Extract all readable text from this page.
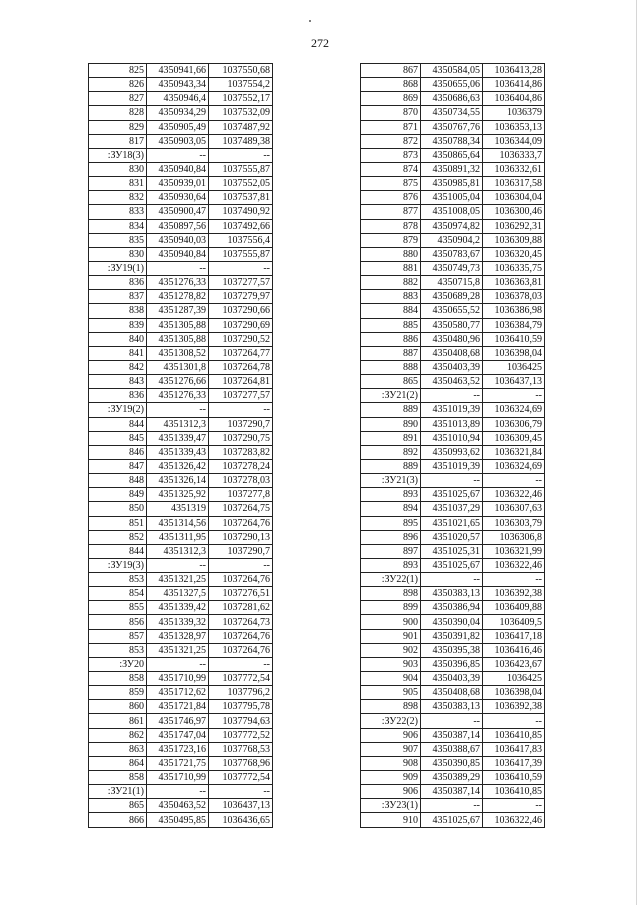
272
825	4350941,66	1037550,68
826	4350943,34	1037554,2
827	4350946,4	1037552,17
828	4350934,29	1037532,09
829	4350905,49	1037487,92
817	4350903,05	1037489,38
:ЗУ18(3)	--	--
830	4350940,84	1037555,87
831	4350939,01	1037552,05
832	4350930,64	1037537,81
833	4350900,47	1037490,92
834	4350897,56	1037492,66
835	4350940,03	1037556,4
830	4350940,84	1037555,87
:ЗУ19(1)	--	--
836	4351276,33	1037277,57
837	4351278,82	1037279,97
838	4351287,39	1037290,66
839	4351305,88	1037290,69
840	4351305,88	1037290,52
841	4351308,52	1037264,77
842	4351301,8	1037264,78
843	4351276,66	1037264,81
836	4351276,33	1037277,57
:ЗУ19(2)	--	--
844	4351312,3	1037290,7
845	4351339,47	1037290,75
846	4351339,43	1037283,82
847	4351326,42	1037278,24
848	4351326,14	1037278,03
849	4351325,92	1037277,8
850	4351319	1037264,75
851	4351314,56	1037264,76
852	4351311,95	1037290,13
844	4351312,3	1037290,7
:ЗУ19(3)	--	--
853	4351321,25	1037264,76
854	4351327,5	1037276,51
855	4351339,42	1037281,62
856	4351339,32	1037264,73
857	4351328,97	1037264,76
853	4351321,25	1037264,76
:ЗУ20	--	--
858	4351710,99	1037772,54
859	4351712,62	1037796,2
860	4351721,84	1037795,78
861	4351746,97	1037794,63
862	4351747,04	1037772,52
863	4351723,16	1037768,53
864	4351721,75	1037768,96
858	4351710,99	1037772,54
:ЗУ21(1)	--	--
865	4350463,52	1036437,13
866	4350495,85	1036436,65
867	4350584,05	1036413,28
868	4350655,06	1036414,86
869	4350686,63	1036404,86
870	4350734,55	1036379
871	4350767,76	1036353,13
872	4350788,34	1036344,09
873	4350865,64	1036333,7
874	4350891,32	1036332,61
875	4350985,81	1036317,58
876	4351005,04	1036304,04
877	4351008,05	1036300,46
878	4350974,82	1036292,31
879	4350904,2	1036309,88
880	4350783,67	1036320,45
881	4350749,73	1036335,75
882	4350715,8	1036363,81
883	4350689,28	1036378,03
884	4350655,52	1036386,98
885	4350580,77	1036384,79
886	4350480,96	1036410,59
887	4350408,68	1036398,04
888	4350403,39	1036425
865	4350463,52	1036437,13
:ЗУ21(2)	--	--
889	4351019,39	1036324,69
890	4351013,89	1036306,79
891	4351010,94	1036309,45
892	4350993,62	1036321,84
889	4351019,39	1036324,69
:ЗУ21(3)	--	--
893	4351025,67	1036322,46
894	4351037,29	1036307,63
895	4351021,65	1036303,79
896	4351020,57	1036306,8
897	4351025,31	1036321,99
893	4351025,67	1036322,46
:ЗУ22(1)	--	--
898	4350383,13	1036392,38
899	4350386,94	1036409,88
900	4350390,04	1036409,5
901	4350391,82	1036417,18
902	4350395,38	1036416,46
903	4350396,85	1036423,67
904	4350403,39	1036425
905	4350408,68	1036398,04
898	4350383,13	1036392,38
:ЗУ22(2)	--	--
906	4350387,14	1036410,85
907	4350388,67	1036417,83
908	4350390,85	1036417,39
909	4350389,29	1036410,59
906	4350387,14	1036410,85
:ЗУ23(1)	--	--
910	4351025,67	1036322,46
